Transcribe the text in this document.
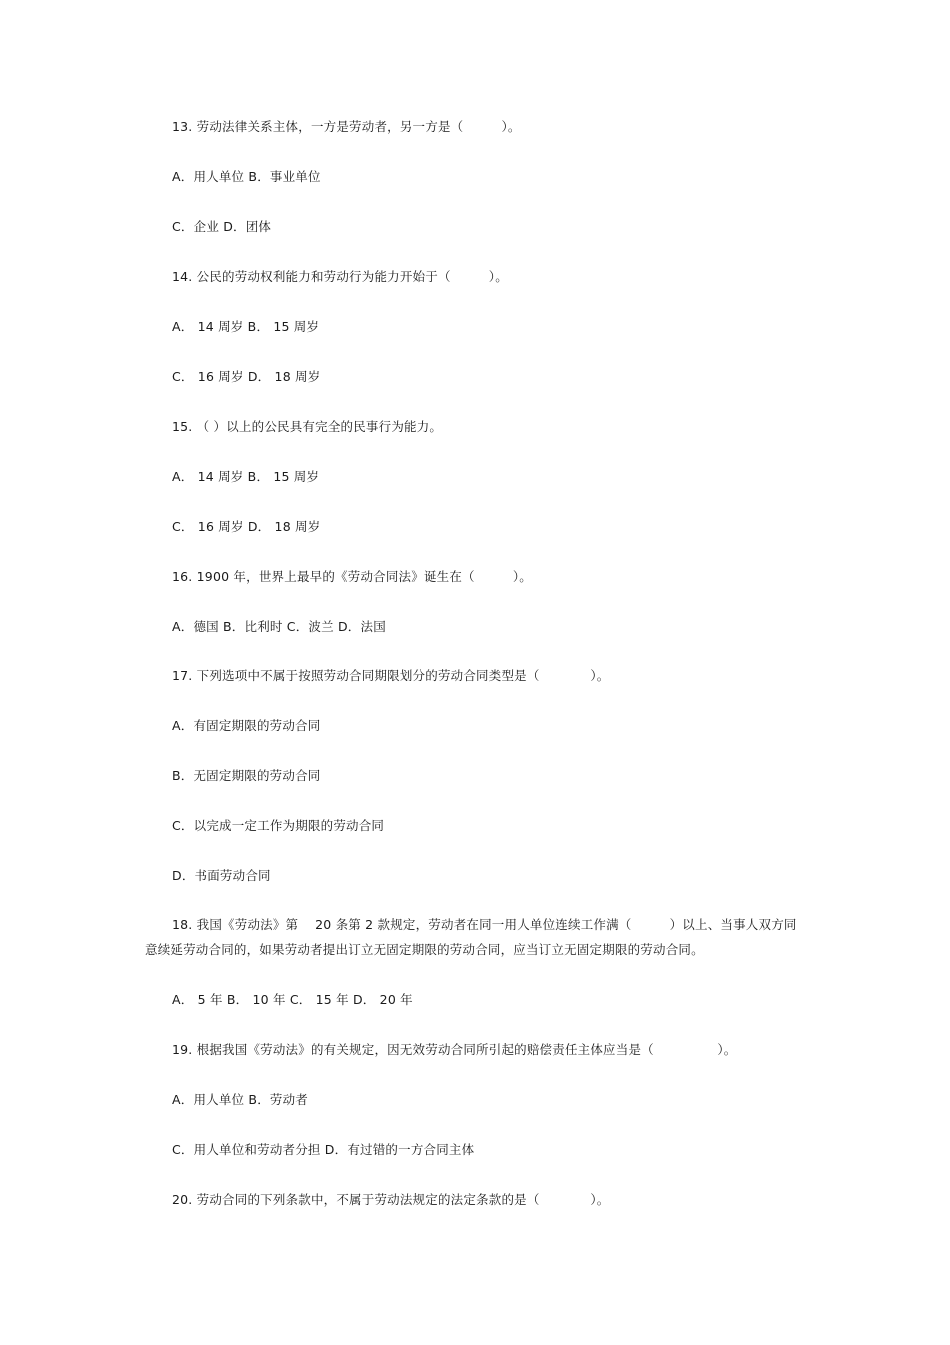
13. 劳动法律关系主体，一方是劳动者，另一方是（　　　）。
A．用人单位 B．事业单位
C．企业 D．团体
14. 公民的劳动权利能力和劳动行为能力开始于（　　　）。
A． 14 周岁 B． 15 周岁
C． 16 周岁 D． 18 周岁
15. （ ）以上的公民具有完全的民事行为能力。
A． 14 周岁 B． 15 周岁
C． 16 周岁 D． 18 周岁
16. 1900 年，世界上最早的《劳动合同法》诞生在（　　　）。
A．德国 B．比利时 C．波兰 D．法国
17. 下列选项中不属于按照劳动合同期限划分的劳动合同类型是（　　　　）。
A．有固定期限的劳动合同
B．无固定期限的劳动合同
C．以完成一定工作为期限的劳动合同
D．书面劳动合同
18. 我国《劳动法》第　 20 条第 2 款规定，劳动者在同一用人单位连续工作满（　　　）以上、当事人双方同意续延劳动合同的，如果劳动者提出订立无固定期限的劳动合同，应当订立无固定期限的劳动合同。
A． 5 年 B． 10 年 C． 15 年 D． 20 年
19. 根据我国《劳动法》的有关规定，因无效劳动合同所引起的赔偿责任主体应当是（　　　　　）。
A．用人单位 B．劳动者
C．用人单位和劳动者分担 D．有过错的一方合同主体
20. 劳动合同的下列条款中，不属于劳动法规定的法定条款的是（　　　　）。
